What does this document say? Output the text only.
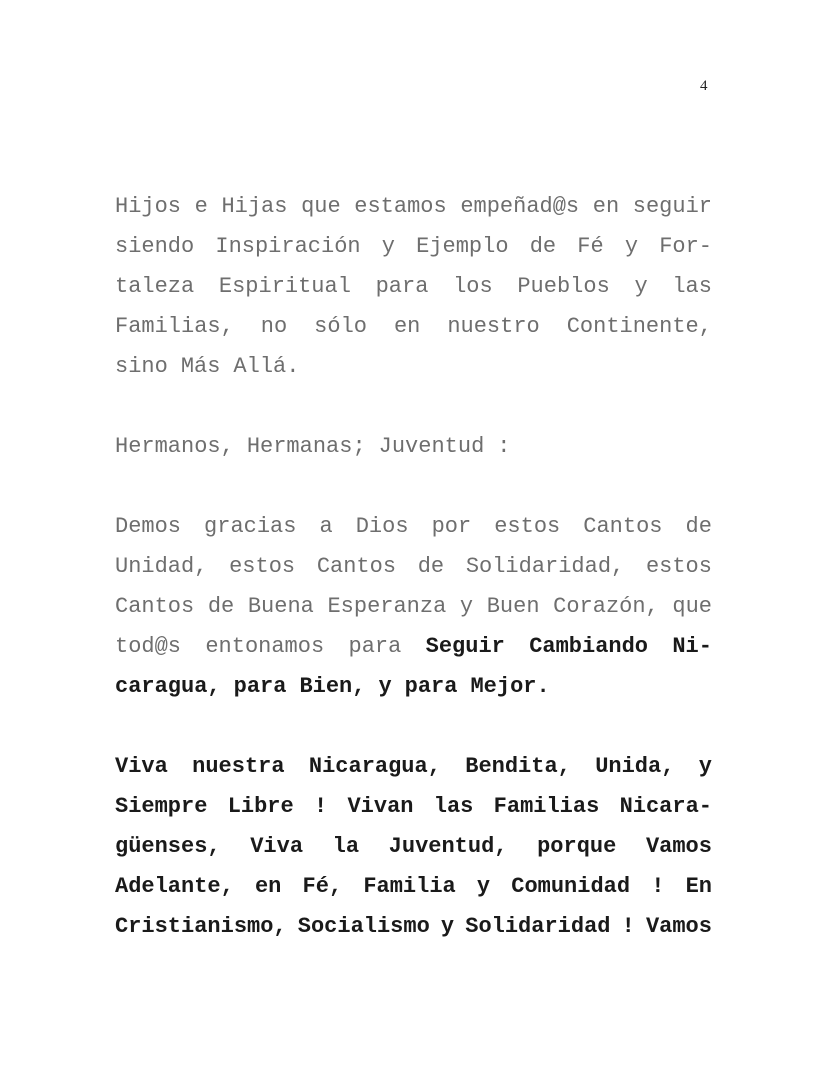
4
Hijos e Hijas que estamos empeñad@s en seguir
siendo Inspiración y Ejemplo de Fé y For-
taleza Espiritual para los Pueblos y las
Familias, no sólo en nuestro Continente,
sino Más Allá.
Hermanos, Hermanas; Juventud :
Demos gracias a Dios por estos Cantos de
Unidad, estos Cantos de Solidaridad, estos
Cantos de Buena Esperanza y Buen Corazón, que
tod@s entonamos para Seguir Cambiando Ni-
caragua, para Bien, y para Mejor.
Viva nuestra Nicaragua, Bendita, Unida, y
Siempre Libre ! Vivan las Familias Nicara-
güenses, Viva la Juventud, porque Vamos
Adelante, en Fé, Familia y Comunidad ! En
Cristianismo, Socialismo y Solidaridad ! Vamos
